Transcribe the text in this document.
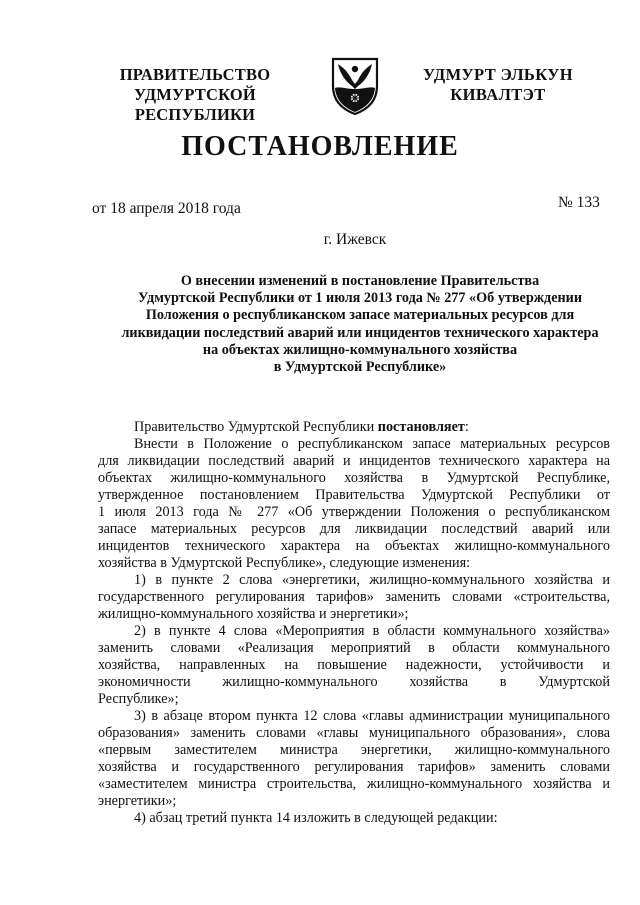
ПРАВИТЕЛЬСТВО
УДМУРТСКОЙ РЕСПУБЛИКИ
УДМУРТ ЭЛЬКУН
КИВАЛТЭТ
ПОСТАНОВЛЕНИЕ
от 18 апреля 2018 года	№ 133
г. Ижевск
О внесении изменений в постановление Правительства
Удмуртской Республики от 1 июля 2013 года № 277 «Об утверждении
Положения о республиканском запасе материальных ресурсов для
ликвидации последствий аварий или инцидентов технического характера
на объектах жилищно-коммунального хозяйства
в Удмуртской Республике»
Правительство Удмуртской Республики постановляет:
Внести в Положение о республиканском запасе материальных ресурсов
для ликвидации последствий аварий и инцидентов технического характера на
объектах жилищно-коммунального хозяйства в Удмуртской Республике,
утвержденное постановлением Правительства Удмуртской Республики от
1 июля 2013 года № 277 «Об утверждении Положения о республиканском
запасе материальных ресурсов для ликвидации последствий аварий или
инцидентов технического характера на объектах жилищно-коммунального
хозяйства в Удмуртской Республике», следующие изменения:
1) в пункте 2 слова «энергетики, жилищно-коммунального хозяйства и
государственного регулирования тарифов» заменить словами «строительства,
жилищно-коммунального хозяйства и энергетики»;
2) в пункте 4 слова «Мероприятия в области коммунального хозяйства»
заменить словами «Реализация мероприятий в области коммунального
хозяйства, направленных на повышение надежности, устойчивости и
экономичности жилищно-коммунального хозяйства в Удмуртской
Республике»;
3) в абзаце втором пункта 12 слова «главы администрации муниципального
образования» заменить словами «главы муниципального образования», слова
«первым заместителем министра энергетики, жилищно-коммунального
хозяйства и государственного регулирования тарифов» заменить словами
«заместителем министра строительства, жилищно-коммунального хозяйства и
энергетики»;
4) абзац третий пункта 14 изложить в следующей редакции:
